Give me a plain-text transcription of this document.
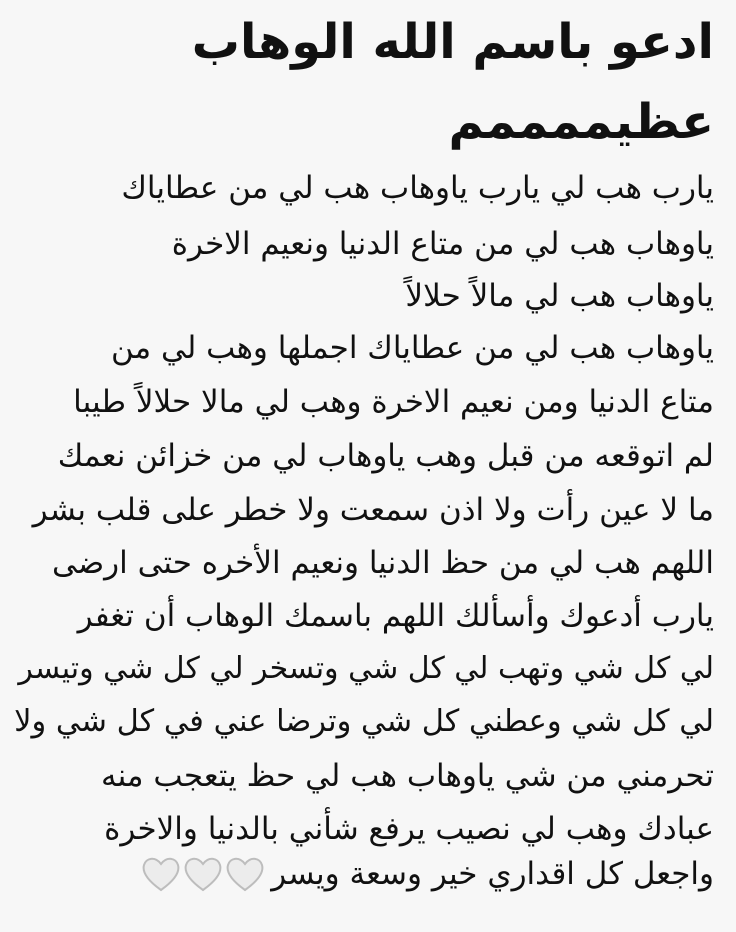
ادعو باسم الله الوهاب
عظيممممم
يارب هب لي يارب ياوهاب هب لي من عطاياك
ياوهاب هب لي من متاع الدنيا ونعيم الاخرة
ياوهاب هب لي مالاً حلالاً
ياوهاب هب لي من عطاياك اجملها وهب لي من
متاع الدنيا ومن نعيم الاخرة وهب لي مالا حلالاً طيبا
لم اتوقعه من قبل وهب ياوهاب لي من خزائن نعمك
ما لا عين رأت ولا اذن سمعت ولا خطر على قلب بشر
اللهم هب لي من حظ الدنيا ونعيم الأخره حتى ارضى
يارب أدعوك وأسألك اللهم باسمك الوهاب أن تغفر
لي كل شي وتهب لي كل شي وتسخر لي كل شي وتيسر
لي كل شي وعطني كل شي وترضا عني في كل شي ولا
تحرمني من شي ياوهاب هب لي حظ يتعجب منه
عبادك وهب لي نصيب يرفع شأني بالدنيا والاخرة
واجعل كل اقداري خير وسعة ويسر
